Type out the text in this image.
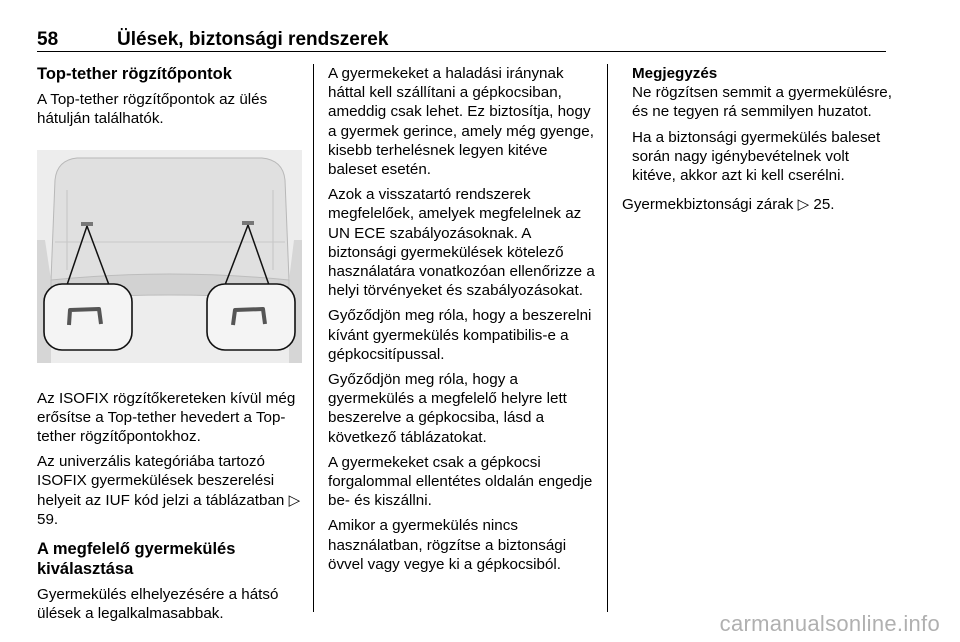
58	Ülések, biztonsági rendszerek
Top-tether rögzítőpontok

A Top-tether rögzítőpontok az ülés hátulján találhatók.

Az ISOFIX rögzítőkereteken kívül még erősítse a Top-tether hevedert a Top-tether rögzítőpontokhoz.

Az univerzális kategóriába tartozó ISOFIX gyermekülések beszerelési helyeit az IUF kód jelzi a táblázatban ▷ 59.

A megfelelő gyermekülés kiválasztása

Gyermekülés elhelyezésére a hátsó ülések a legalkalmasabbak.

A gyermekeket a haladási iránynak háttal kell szállítani a gépkocsiban, ameddig csak lehet. Ez biztosítja, hogy a gyermek gerince, amely még gyenge, kisebb terhelésnek legyen kitéve baleset esetén.

Azok a visszatartó rendszerek megfelelőek, amelyek megfelelnek az UN ECE szabályozásoknak. A biztonsági gyermekülések kötelező használatára vonatkozóan ellenőrizze a helyi törvényeket és szabályozásokat.

Győződjön meg róla, hogy a beszerelni kívánt gyermekülés kompatibilis-e a gépkocsitípussal.

Győződjön meg róla, hogy a gyermekülés a megfelelő helyre lett beszerelve a gépkocsiba, lásd a következő táblázatokat.

A gyermekeket csak a gépkocsi forgalommal ellentétes oldalán engedje be- és kiszállni.

Amikor a gyermekülés nincs használatban, rögzítse a biztonsági övvel vagy vegye ki a gépkocsiból.

Megjegyzés

Ne rögzítsen semmit a gyermekülésre, és ne tegyen rá semmilyen huzatot.

Ha a biztonsági gyermekülés baleset során nagy igénybevételnek volt kitéve, akkor azt ki kell cserélni.

Gyermekbiztonsági zárak ▷ 25.

carmanualsonline.info
